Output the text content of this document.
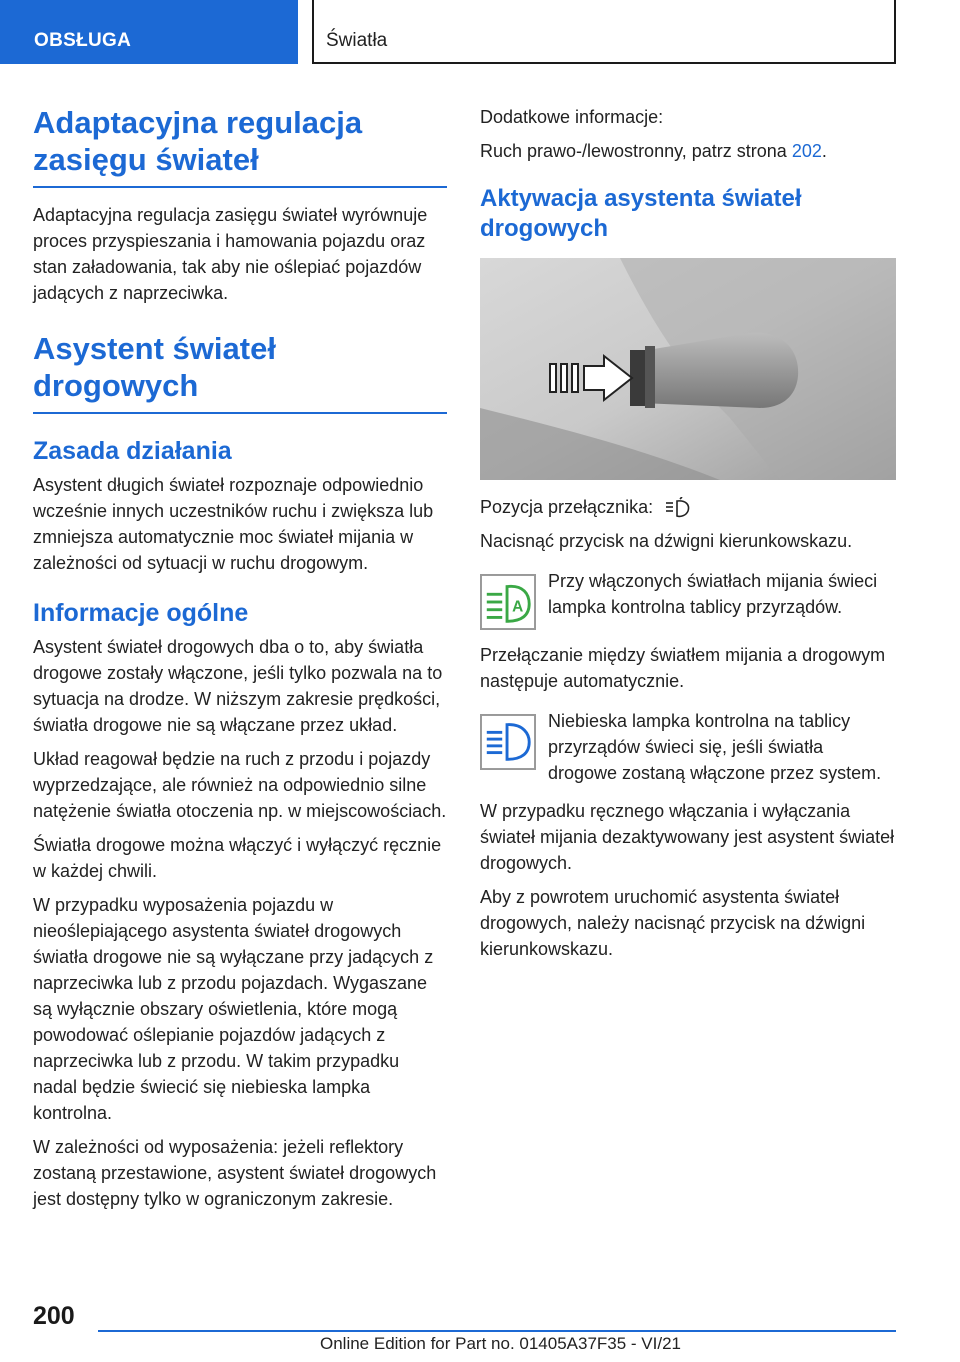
OBSŁUGA	Światła
Adaptacyjna regulacja zasięgu świateł

Adaptacyjna regulacja zasięgu świateł wyrównuje proces przyspieszania i hamowania pojazdu oraz stan załadowania, tak aby nie oślepiać pojazdów jadących z naprzeciwka.

Asystent świateł drogowych
Zasada działania

Asystent długich świateł rozpoznaje odpowiednio wcześnie innych uczestników ruchu i zwiększa lub zmniejsza automatycznie moc świateł mijania w zależności od sytuacji w ruchu drogowym.

Informacje ogólne

Asystent świateł drogowych dba o to, aby światła drogowe zostały włączone, jeśli tylko pozwala na to sytuacja na drodze. W niższym zakresie prędkości, światła drogowe nie są włączane przez układ.

Układ reagował będzie na ruch z przodu i pojazdy wyprzedzające, ale również na odpowiednio silne natężenie światła otoczenia np. w miejscowościach.

Światła drogowe można włączyć i wyłączyć ręcznie w każdej chwili.

W przypadku wyposażenia pojazdu w nieoślepiającego asystenta świateł drogowych światła drogowe nie są wyłączane przy jadących z naprzeciwka lub z przodu pojazdach. Wygaszane są wyłącznie obszary oświetlenia, które mogą powodować oślepianie pojazdów jadących z naprzeciwka lub z przodu. W takim przypadku nadal będzie świecić się niebieska lampka kontrolna.

W zależności od wyposażenia: jeżeli reflektory zostaną przestawione, asystent świateł drogowych jest dostępny tylko w ograniczonym zakresie.

Dodatkowe informacje:

Ruch prawo-/lewostronny, patrz strona 202.

Aktywacja asystenta świateł drogowych

Pozycja przełącznika:

Nacisnąć przycisk na dźwigni kierunkowskazu.

A

Przy włączonych światłach mijania świeci lampka kontrolna tablicy przyrządów.

Przełączanie między światłem mijania a drogowym następuje automatycznie.

Niebieska lampka kontrolna na tablicy przyrządów świeci się, jeśli światła drogowe zostaną włączone przez system.

W przypadku ręcznego włączania i wyłączania świateł mijania dezaktywowany jest asystent świateł drogowych.

Aby z powrotem uruchomić asystenta świateł drogowych, należy nacisnąć przycisk na dźwigni kierunkowskazu.

200
Online Edition for Part no. 01405A37F35 - VI/21
